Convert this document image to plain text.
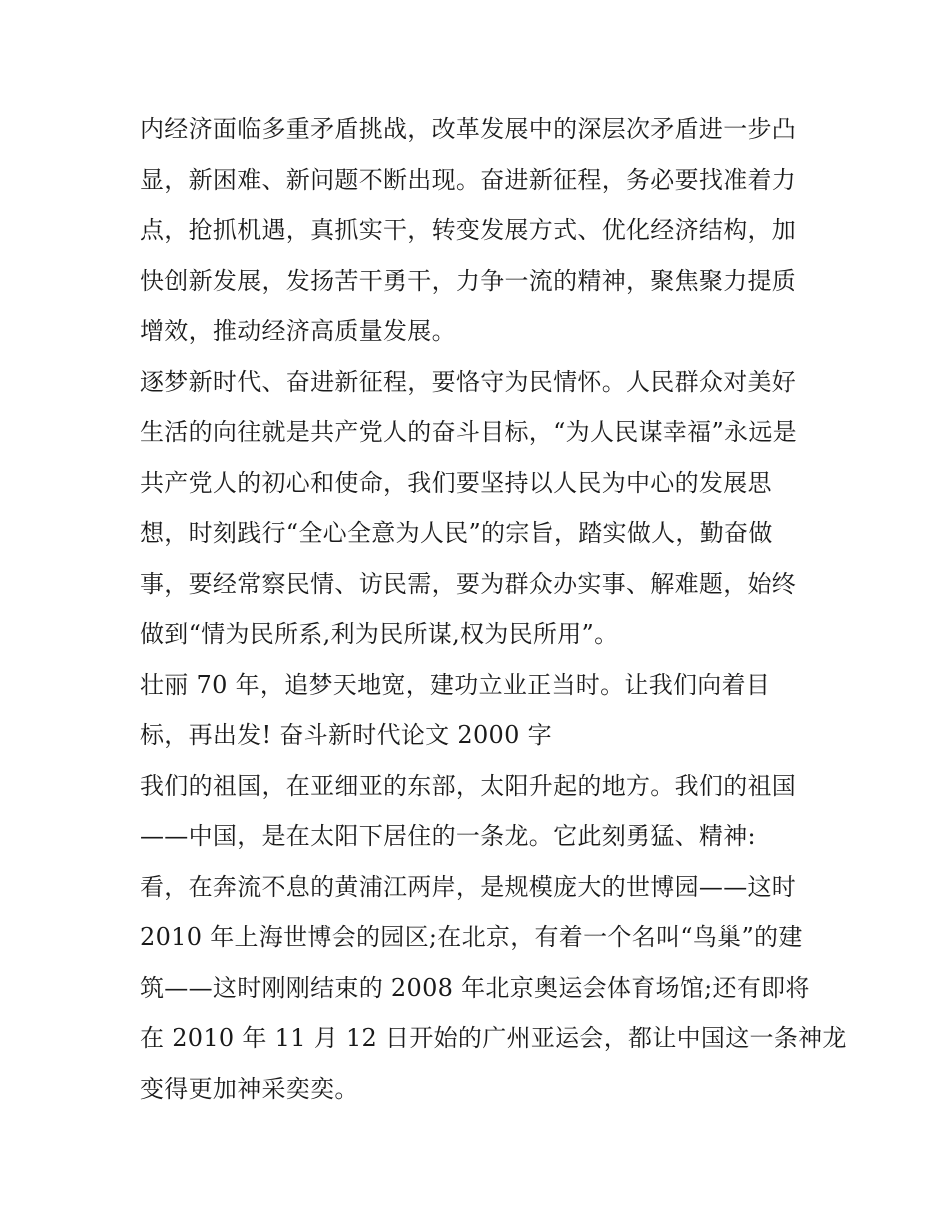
内经济面临多重矛盾挑战，改革发展中的深层次矛盾进一步凸
显，新困难、新问题不断出现。奋进新征程，务必要找准着力
点，抢抓机遇，真抓实干，转变发展方式、优化经济结构，加
快创新发展，发扬苦干勇干，力争一流的精神，聚焦聚力提质
增效，推动经济高质量发展。
逐梦新时代、奋进新征程，要恪守为民情怀。人民群众对美好
生活的向往就是共产党人的奋斗目标，“为人民谋幸福”永远是
共产党人的初心和使命，我们要坚持以人民为中心的发展思
想，时刻践行“全心全意为人民”的宗旨，踏实做人，勤奋做
事，要经常察民情、访民需，要为群众办实事、解难题，始终
做到“情为民所系,利为民所谋,权为民所用”。
壮丽 70 年，追梦天地宽，建功立业正当时。让我们向着目
标，再出发! 奋斗新时代论文 2000 字
我们的祖国，在亚细亚的东部，太阳升起的地方。我们的祖国
——中国，是在太阳下居住的一条龙。它此刻勇猛、精神:
看，在奔流不息的黄浦江两岸，是规模庞大的世博园——这时
2010 年上海世博会的园区;在北京，有着一个名叫“鸟巢”的建
筑——这时刚刚结束的 2008 年北京奥运会体育场馆;还有即将
在 2010 年 11 月 12 日开始的广州亚运会，都让中国这一条神龙
变得更加神采奕奕。
